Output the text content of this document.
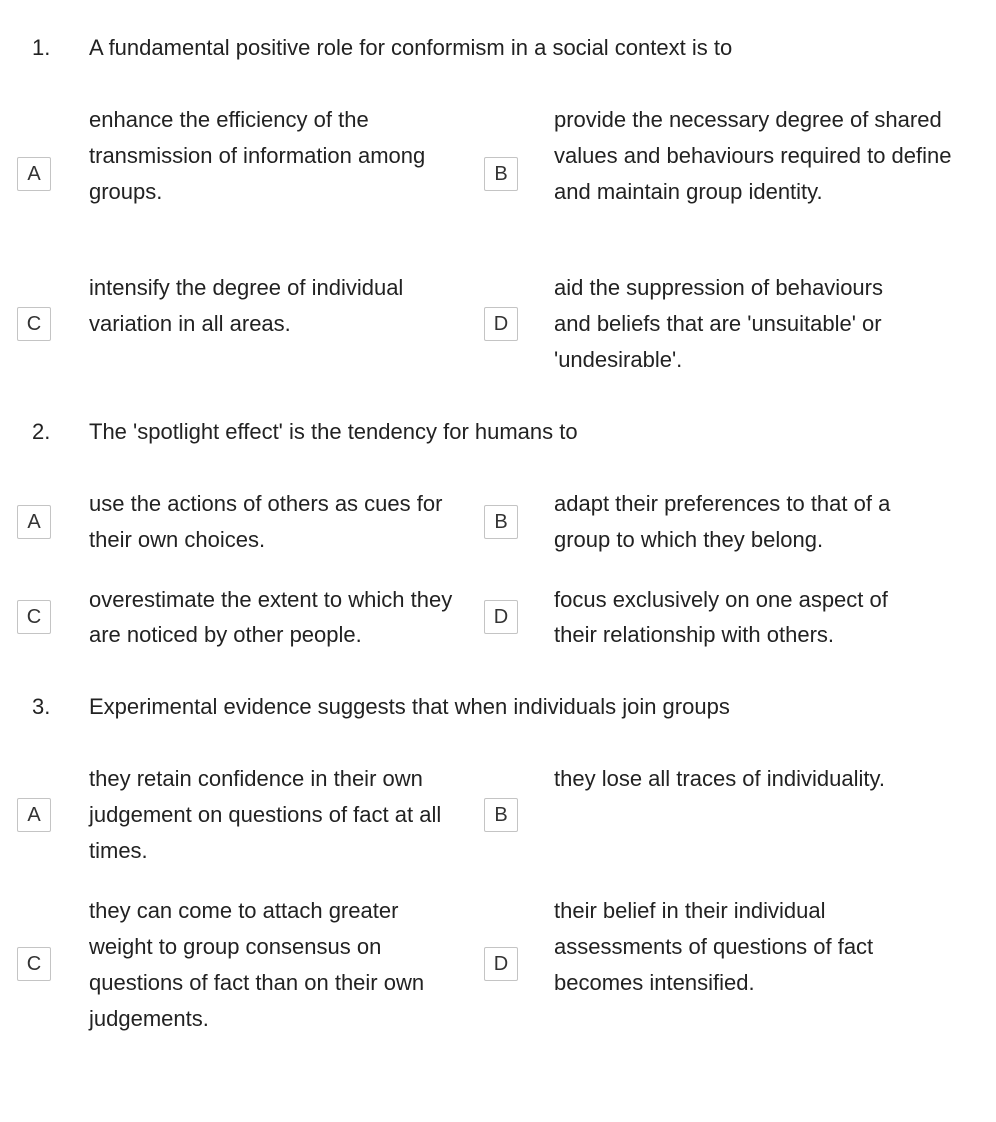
1. A fundamental positive role for conformism in a social context is to
A
enhance the efficiency of the transmission of information among groups.
B
provide the necessary degree of shared values and behaviours required to define and maintain group identity.
C
intensify the degree of individual variation in all areas.	D
aid the suppression of behaviours and beliefs that are 'unsuitable' or 'undesirable'.
2. The 'spotlight effect' is the tendency for humans to
A
use the actions of others as cues for their own choices.
B
adapt their preferences to that of a group to which they belong.
C
overestimate the extent to which they are noticed by other people.
D
focus exclusively on one aspect of their relationship with others.
3. Experimental evidence suggests that when individuals join groups
A
they retain confidence in their own judgement on questions of fact at all times.
B
they lose all traces of individuality.
C
they can come to attach greater weight to group consensus on questions of fact than on their own judgements.
D
their belief in their individual assessments of questions of fact becomes intensified.
